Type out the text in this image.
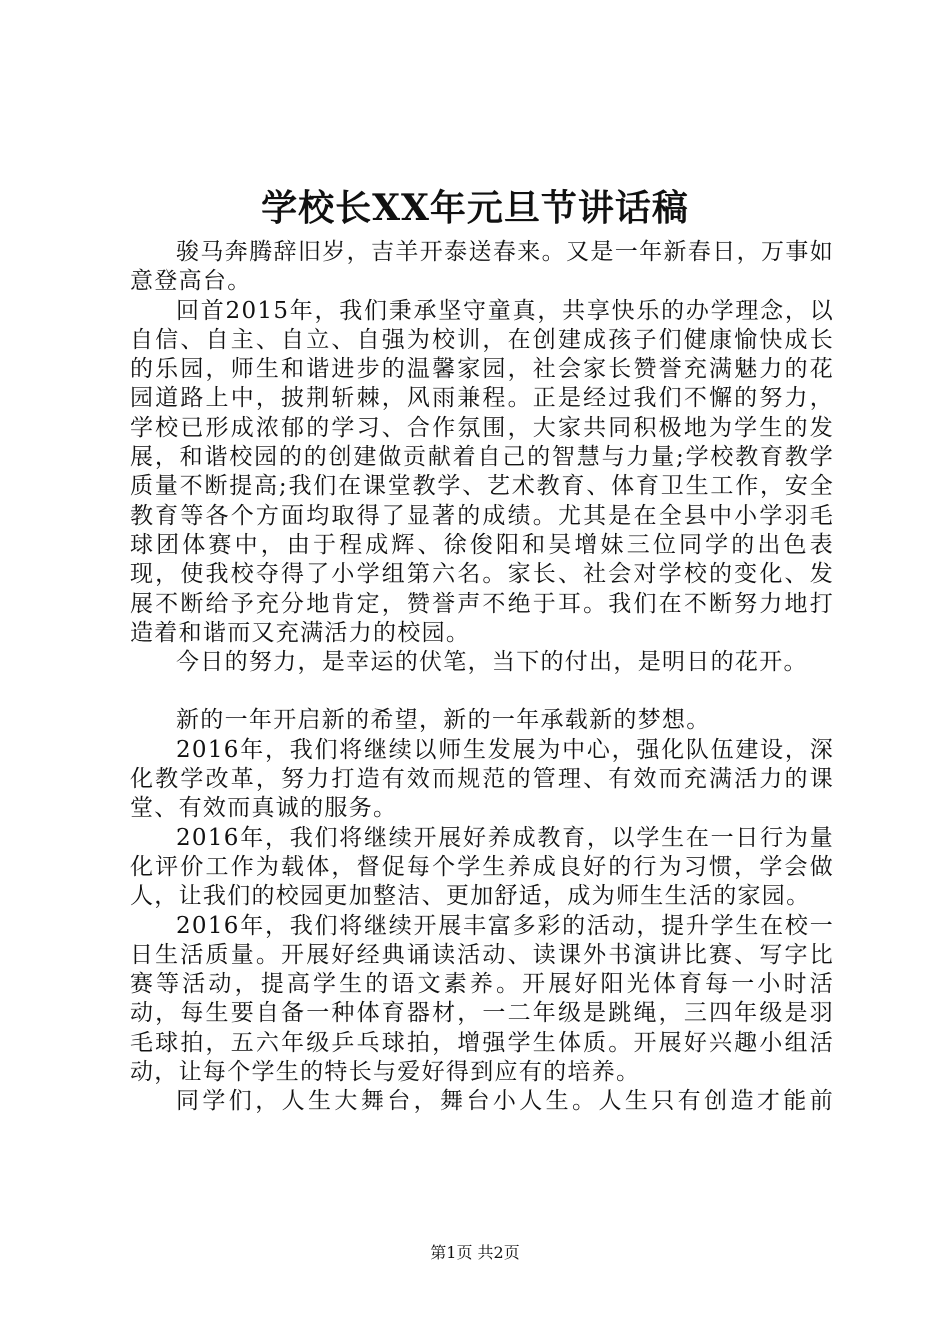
学校长XX年元旦节讲话稿

骏马奔腾辞旧岁，吉羊开泰送春来。又是一年新春日，万事如意登高台。

回首2015年，我们秉承坚守童真，共享快乐的办学理念，以自信、自主、自立、自强为校训，在创建成孩子们健康愉快成长的乐园，师生和谐进步的温馨家园，社会家长赞誉充满魅力的花园道路上中，披荆斩棘，风雨兼程。正是经过我们不懈的努力，学校已形成浓郁的学习、合作氛围，大家共同积极地为学生的发展，和谐校园的的创建做贡献着自己的智慧与力量;学校教育教学质量不断提高;我们在课堂教学、艺术教育、体育卫生工作，安全教育等各个方面均取得了显著的成绩。尤其是在全县中小学羽毛球团体赛中，由于程成辉、徐俊阳和吴增妹三位同学的出色表现，使我校夺得了小学组第六名。家长、社会对学校的变化、发展不断给予充分地肯定，赞誉声不绝于耳。我们在不断努力地打造着和谐而又充满活力的校园。

今日的努力，是幸运的伏笔，当下的付出，是明日的花开。

新的一年开启新的希望，新的一年承载新的梦想。

2016年，我们将继续以师生发展为中心，强化队伍建设，深化教学改革，努力打造有效而规范的管理、有效而充满活力的课堂、有效而真诚的服务。

2016年，我们将继续开展好养成教育，以学生在一日行为量化评价工作为载体，督促每个学生养成良好的行为习惯，学会做人，让我们的校园更加整洁、更加舒适，成为师生生活的家园。

2016年，我们将继续开展丰富多彩的活动，提升学生在校一日生活质量。开展好经典诵读活动、读课外书演讲比赛、写字比赛等活动，提高学生的语文素养。开展好阳光体育每一小时活动，每生要自备一种体育器材，一二年级是跳绳，三四年级是羽毛球拍，五六年级乒乓球拍，增强学生体质。开展好兴趣小组活动，让每个学生的特长与爱好得到应有的培养。

同学们，人生大舞台，舞台小人生。人生只有创造才能前

第1页 共2页
